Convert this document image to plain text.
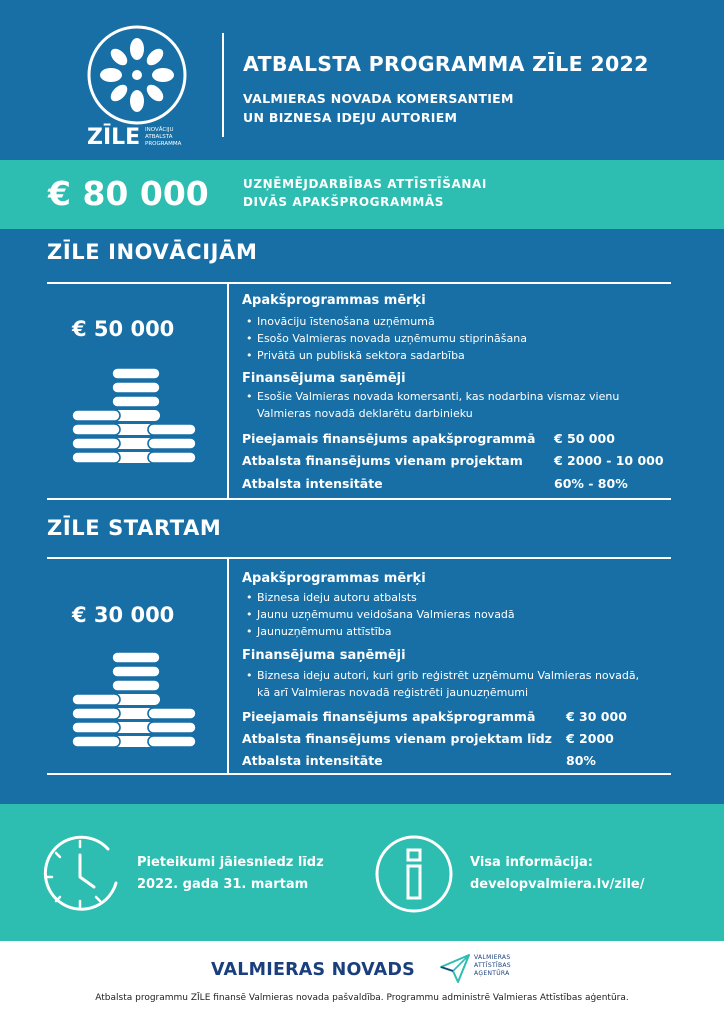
ZĪLE INOVĀCIJU
ATBALSTA
PROGRAMMA
ATBALSTA PROGRAMMA ZĪLE 2022
VALMIERAS NOVADA KOMERSANTIEM
UN BIZNESA IDEJU AUTORIEM
€ 80 000	UZŅĒMĒJDARBĪBAS ATTĪSTĪŠANAI
DIVĀS APAKŠPROGRAMMĀS
ZĪLE INOVĀCIJĀM
€ 50 000
Apakšprogrammas mērķi
• Inovāciju īstenošana uzņēmumā
• Esošo Valmieras novada uzņēmumu stiprināšana
• Privātā un publiskā sektora sadarbība
Finansējuma saņēmēji
• Esošie Valmieras novada komersanti, kas nodarbina vismaz vienu
Valmieras novadā deklarētu darbinieku
Pieejamais finansējums apakšprogrammā € 50 000
Atbalsta finansējums vienam projektam € 2000 - 10 000
Atbalsta intensitāte	60% - 80%
ZĪLE STARTAM
€ 30 000
Apakšprogrammas mērķi
• Biznesa ideju autoru atbalsts
• Jaunu uzņēmumu veidošana Valmieras novadā
• Jaunuzņēmumu attīstība
Finansējuma saņēmēji
• Biznesa ideju autori, kuri grib reģistrēt uzņēmumu Valmieras novadā,
kā arī Valmieras novadā reģistrēti jaunuzņēmumi
Pieejamais finansējums apakšprogrammā € 30 000
Atbalsta finansējums vienam projektam līdz € 2000
Atbalsta intensitāte	80%
Pieteikumi jāiesniedz līdz
2022. gada 31. martam
Visa informācija:
developvalmiera.lv/zile/
VALMIERAS NOVADS
VALMIERAS
ATTĪSTĪBAS
AĢENTŪRA
Atbalsta programmu ZĪLE finansē Valmieras novada pašvaldība. Programmu administrē Valmieras Attīstības aģentūra.
